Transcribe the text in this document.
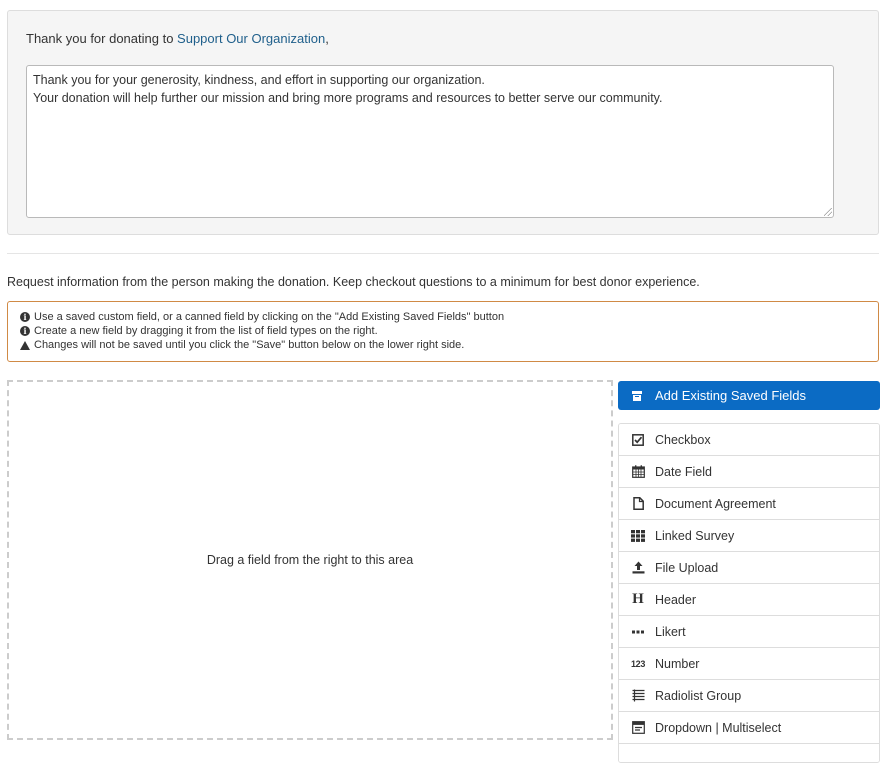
Thank you for donating to Support Our Organization,
Thank you for your generosity, kindness, and effort in supporting our organization.
Your donation will help further our mission and bring more programs and resources to better serve our community.
Request information from the person making the donation. Keep checkout questions to a minimum for best donor experience.
i Use a saved custom field, or a canned field by clicking on the "Add Existing Saved Fields" button
i Create a new field by dragging it from the list of field types on the right.
Changes will not be saved until you click the "Save" button below on the lower right side.
Drag a field from the right to this area
Add Existing Saved Fields
Checkbox
Date Field
Document Agreement
Linked Survey
File Upload
H Header
Likert
123 Number
Radiolist Group
Dropdown | Multiselect
